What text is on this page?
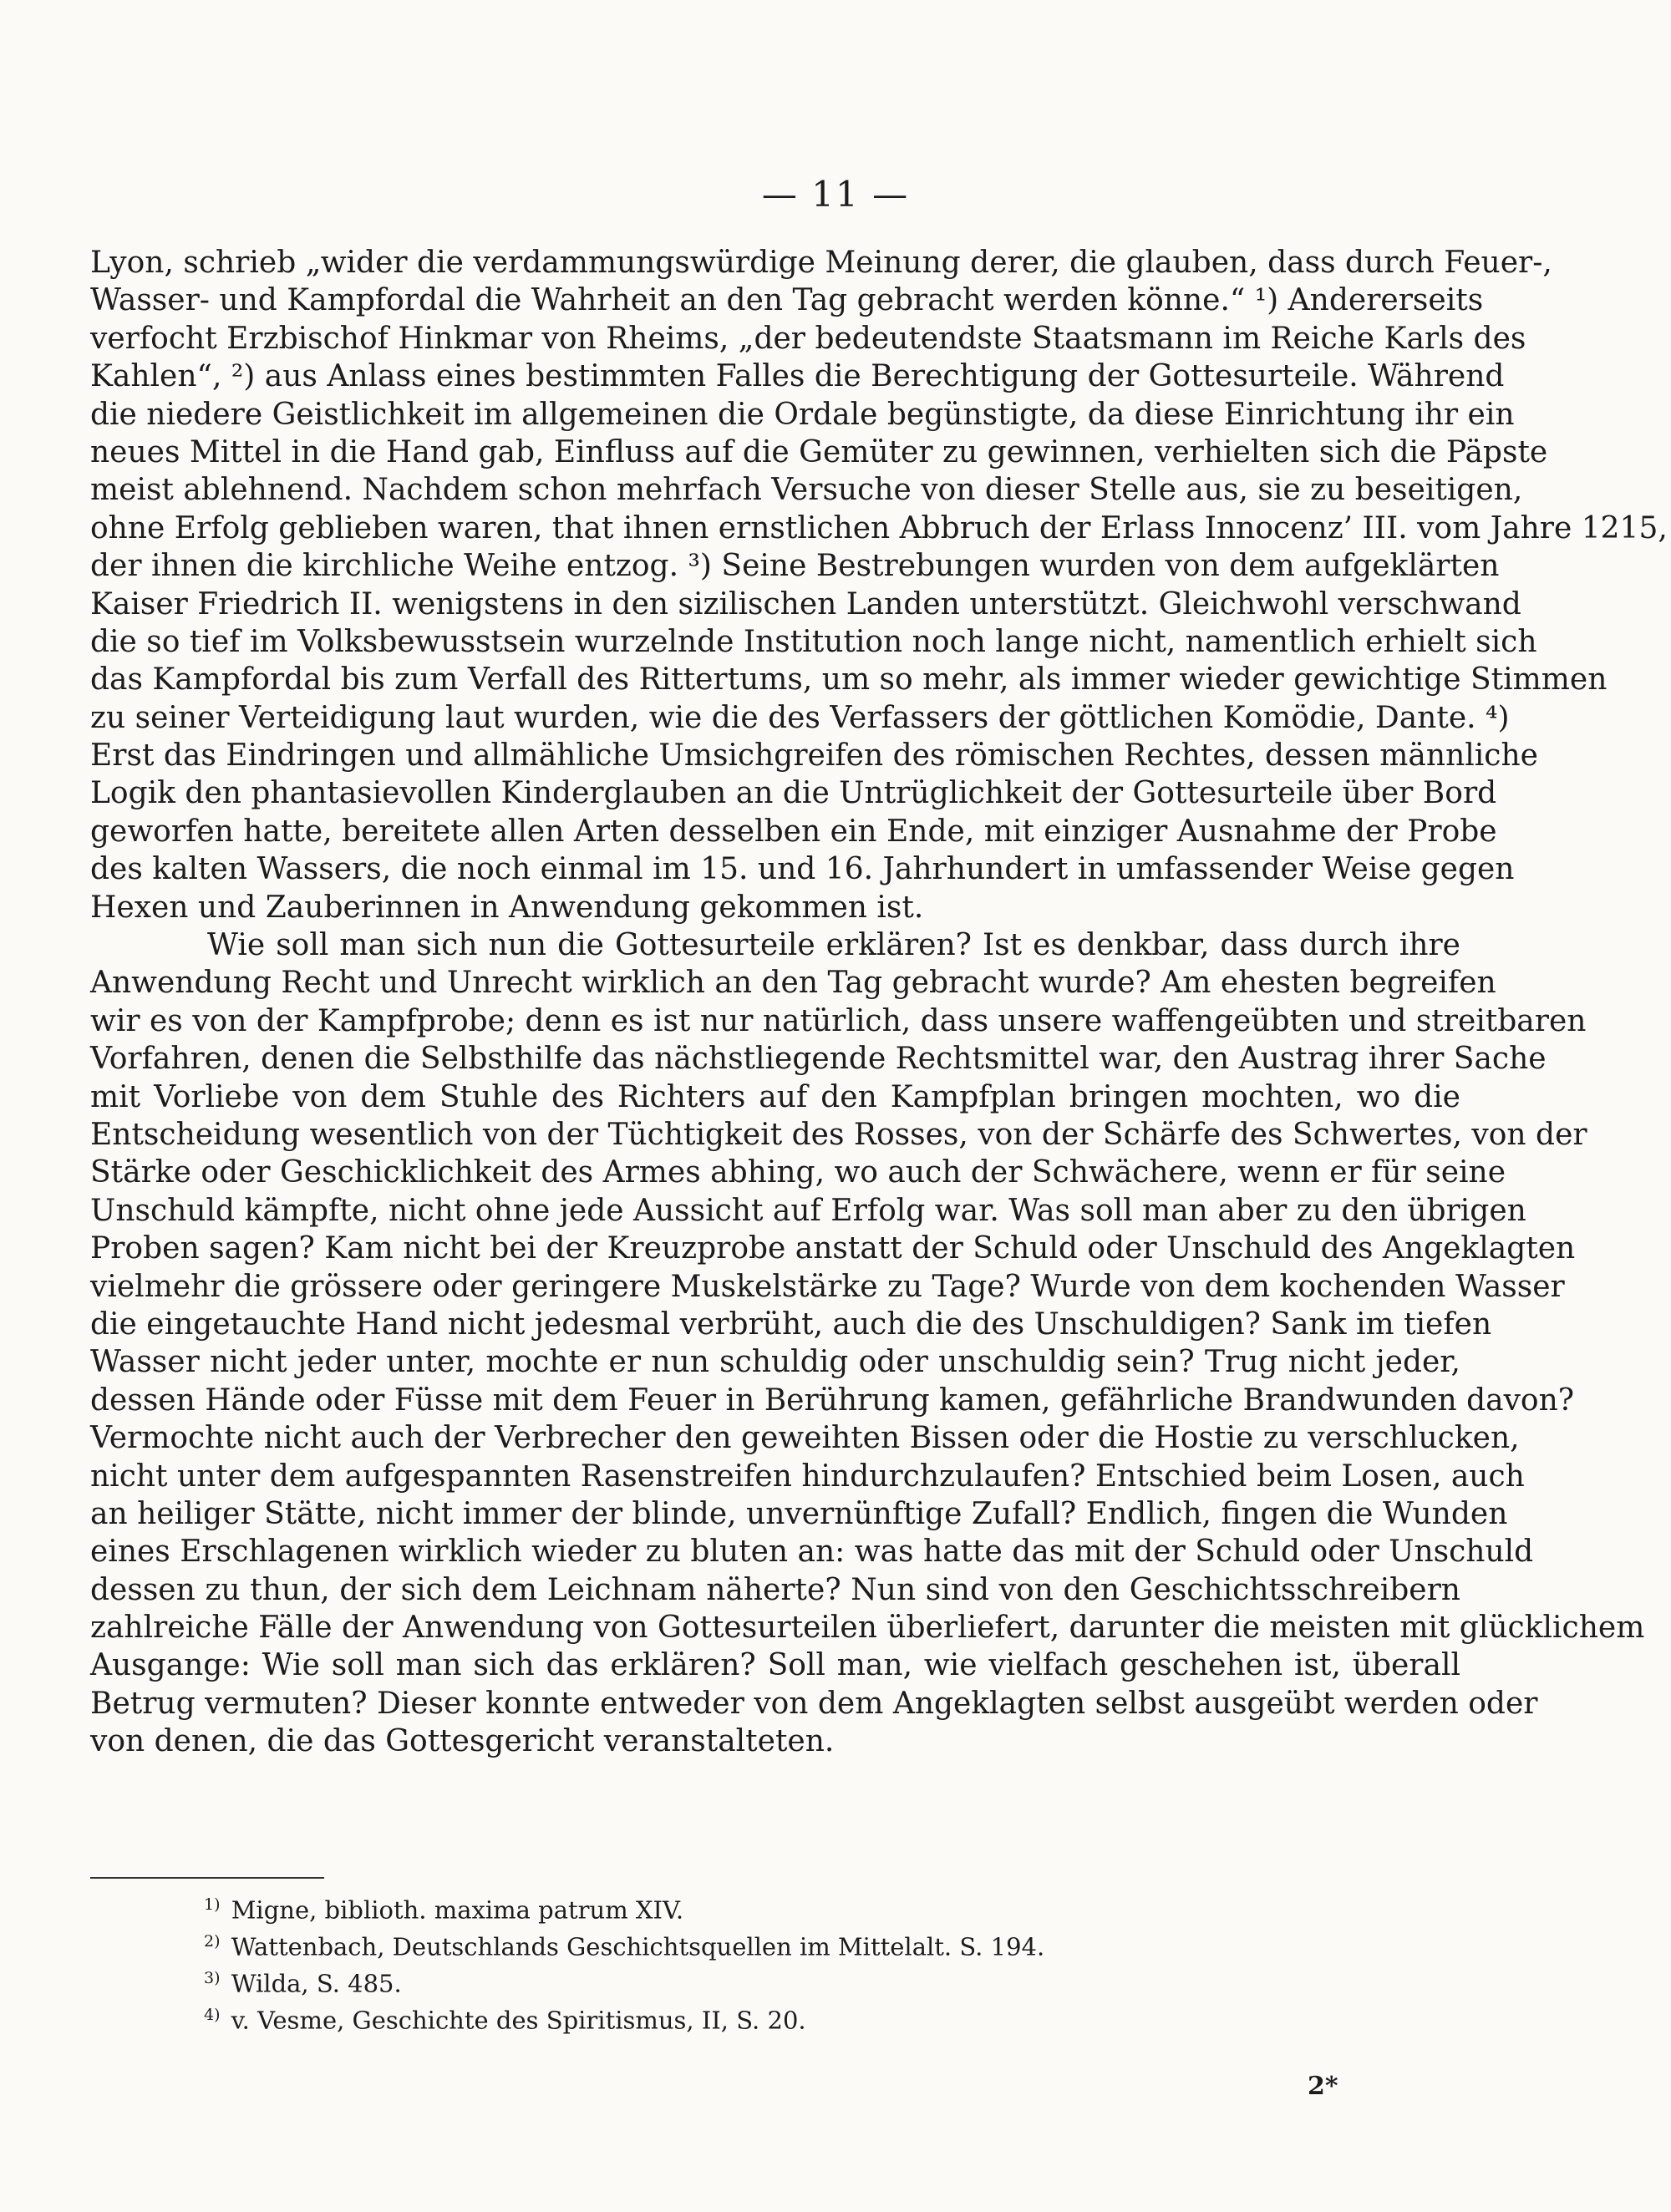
— 11 —
Lyon, schrieb „wider die verdammungswürdige Meinung derer, die glauben, dass durch Feuer-,
Wasser- und Kampfordal die Wahrheit an den Tag gebracht werden könne.“ ¹) Andererseits
verfocht Erzbischof Hinkmar von Rheims, „der bedeutendste Staatsmann im Reiche Karls des
Kahlen“, ²) aus Anlass eines bestimmten Falles die Berechtigung der Gottesurteile. Während
die niedere Geistlichkeit im allgemeinen die Ordale begünstigte, da diese Einrichtung ihr ein
neues Mittel in die Hand gab, Einfluss auf die Gemüter zu gewinnen, verhielten sich die Päpste
meist ablehnend. Nachdem schon mehrfach Versuche von dieser Stelle aus, sie zu beseitigen,
ohne Erfolg geblieben waren, that ihnen ernstlichen Abbruch der Erlass Innocenz’ III. vom Jahre 1215,
der ihnen die kirchliche Weihe entzog. ³) Seine Bestrebungen wurden von dem aufgeklärten
Kaiser Friedrich II. wenigstens in den sizilischen Landen unterstützt. Gleichwohl verschwand
die so tief im Volksbewusstsein wurzelnde Institution noch lange nicht, namentlich erhielt sich
das Kampfordal bis zum Verfall des Rittertums, um so mehr, als immer wieder gewichtige Stimmen
zu seiner Verteidigung laut wurden, wie die des Verfassers der göttlichen Komödie, Dante. ⁴)
Erst das Eindringen und allmähliche Umsichgreifen des römischen Rechtes, dessen männliche
Logik den phantasievollen Kinderglauben an die Untrüglichkeit der Gottesurteile über Bord
geworfen hatte, bereitete allen Arten desselben ein Ende, mit einziger Ausnahme der Probe
des kalten Wassers, die noch einmal im 15. und 16. Jahrhundert in umfassender Weise gegen
Hexen und Zauberinnen in Anwendung gekommen ist.
Wie soll man sich nun die Gottesurteile erklären? Ist es denkbar, dass durch ihre
Anwendung Recht und Unrecht wirklich an den Tag gebracht wurde? Am ehesten begreifen
wir es von der Kampfprobe; denn es ist nur natürlich, dass unsere waffengeübten und streitbaren
Vorfahren, denen die Selbsthilfe das nächstliegende Rechtsmittel war, den Austrag ihrer Sache
mit Vorliebe von dem Stuhle des Richters auf den Kampfplan bringen mochten, wo die
Entscheidung wesentlich von der Tüchtigkeit des Rosses, von der Schärfe des Schwertes, von der
Stärke oder Geschicklichkeit des Armes abhing, wo auch der Schwächere, wenn er für seine
Unschuld kämpfte, nicht ohne jede Aussicht auf Erfolg war. Was soll man aber zu den übrigen
Proben sagen? Kam nicht bei der Kreuzprobe anstatt der Schuld oder Unschuld des Angeklagten
vielmehr die grössere oder geringere Muskelstärke zu Tage? Wurde von dem kochenden Wasser
die eingetauchte Hand nicht jedesmal verbrüht, auch die des Unschuldigen? Sank im tiefen
Wasser nicht jeder unter, mochte er nun schuldig oder unschuldig sein? Trug nicht jeder,
dessen Hände oder Füsse mit dem Feuer in Berührung kamen, gefährliche Brandwunden davon?
Vermochte nicht auch der Verbrecher den geweihten Bissen oder die Hostie zu verschlucken,
nicht unter dem aufgespannten Rasenstreifen hindurchzulaufen? Entschied beim Losen, auch
an heiliger Stätte, nicht immer der blinde, unvernünftige Zufall? Endlich, fingen die Wunden
eines Erschlagenen wirklich wieder zu bluten an: was hatte das mit der Schuld oder Unschuld
dessen zu thun, der sich dem Leichnam näherte? Nun sind von den Geschichtsschreibern
zahlreiche Fälle der Anwendung von Gottesurteilen überliefert, darunter die meisten mit glücklichem
Ausgange: Wie soll man sich das erklären? Soll man, wie vielfach geschehen ist, überall
Betrug vermuten? Dieser konnte entweder von dem Angeklagten selbst ausgeübt werden oder
von denen, die das Gottesgericht veranstalteten.
$^{1)}$ Migne, biblioth. maxima patrum XIV.
$^{2)}$ Wattenbach, Deutschlands Geschichtsquellen im Mittelalt. S. 194.
$^{3)}$ Wilda, S. 485.
$^{4)}$ v. Vesme, Geschichte des Spiritismus, II, S. 20.
2*
